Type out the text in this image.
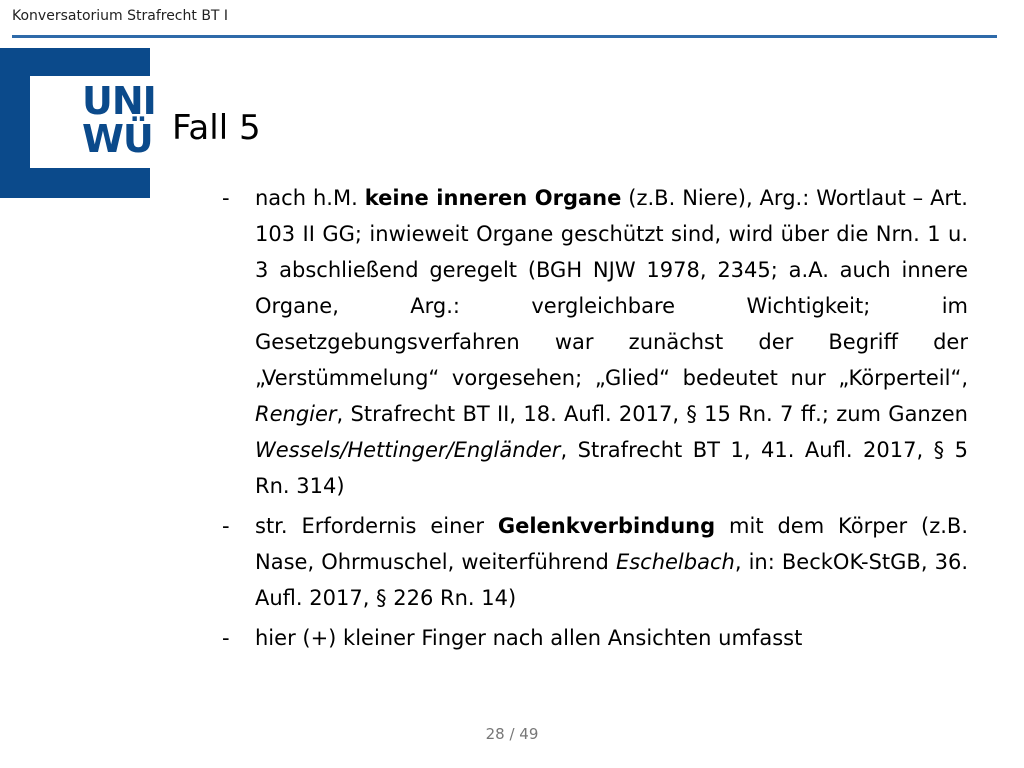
Konversatorium Strafrecht BT I
UNI
WÜ Fall 5
-	nach h.M. keine inneren Organe (z.B. Niere), Arg.: Wortlaut – Art. 103 II GG; inwieweit Organe geschützt sind, wird über die Nrn. 1 u. 3 abschließend geregelt (BGH NJW 1978, 2345; a.A. auch innere Organe, Arg.: vergleichbare Wichtigkeit; im Gesetzgebungsverfahren war zunächst der Begriff der „Verstümmelung“ vorgesehen; „Glied“ bedeutet nur „Körperteil“, Rengier, Strafrecht BT II, 18. Aufl. 2017, § 15 Rn. 7 ff.; zum Ganzen Wessels/Hettinger/Engländer, Strafrecht BT 1, 41. Aufl. 2017, § 5 Rn. 314)
-	str. Erfordernis einer Gelenkverbindung mit dem Körper (z.B. Nase, Ohrmuschel, weiterführend Eschelbach, in: BeckOK-StGB, 36. Aufl. 2017, § 226 Rn. 14)
-	hier (+) kleiner Finger nach allen Ansichten umfasst
28 / 49
